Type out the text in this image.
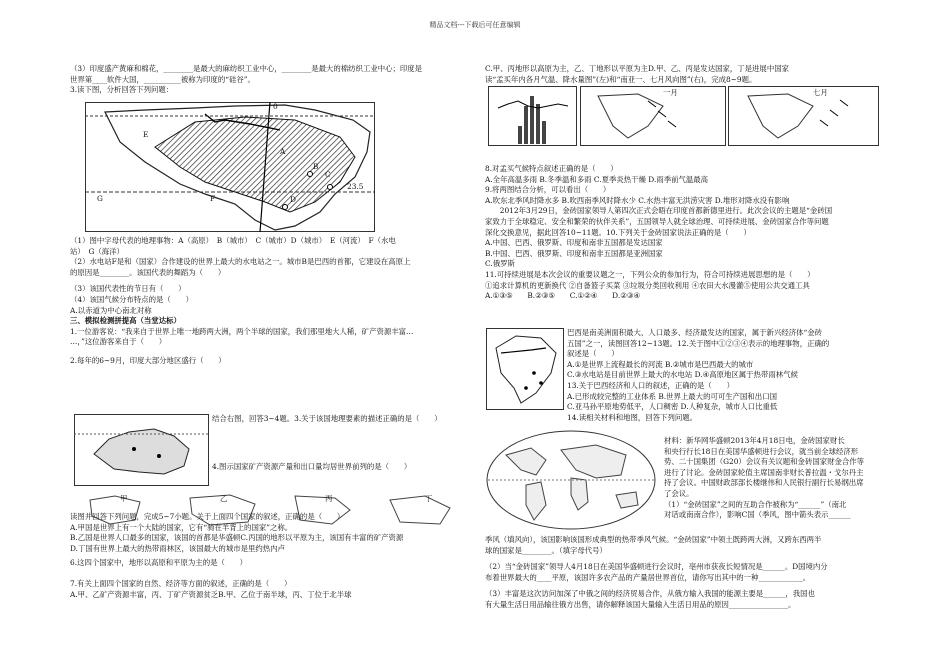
精品文档---下载后可任意编辑

（3）印度盛产黄麻和棉花，________是最大的麻纺织工业中心，________是最大的棉纺织工业中心；印度是

世界第____软件大国，__________被称为印度的“硅谷”。

3.读下图，分析回答下列问题：

E
A
B
C
D
G	F
0
23.5

（1）图中字母代表的地理事物：A（高原）　B（城市）　C（城市）D（城市）　E（河流）　F（水电

站）　G（海洋）

（2）水电站F是和（国家）合作建设的世界上最大的水电站之一。城市B是巴西的首都，它建设在高原上

的原因是________。该国代表的舞蹈为（　　）

（3）该国代表性的节日有（　　）

（4）该国气候分布特点的是（　　）

A.以赤道为中心南北对称

三、模拟检测拼提高（当堂达标）

1.一位游客说：“我来自于世界上唯一地跨两大洲，两个半球的国家，我们那里地大人稀，矿产资源丰富…

…，”这位游客来自于（　　）

2.每年的6~9月，印度大部分地区盛行（　　）

结合右图，回答3~4题。3.关于该国地理要素的描述正确的是（　　）
4.图示国家矿产资源产量和出口量均居世界前列的是（　　）
甲	乙	丙	丁

读图并回答下列问题，完成5~7小题。关于上面四个国家的叙述，正确的是（　　）

A.甲国是世界上有一个大陆的国家，它有“骑在羊背上的国家”之称。

B.乙国是世界人口最多的国家，该国的首都是华盛顿C.丙国的地形以平原为主，该国有丰富的矿产资源

D.丁国有世界上最大的热带雨林区，该国最大的城市是里约热内卢

6.这四个国家中，地形以高原和平原为主的是（　　）

7.有关上面四个国家的自然、经济等方面的叙述，正确的是（　　）

A.甲、乙矿产资源丰富，丙、丁矿产资源贫乏B.甲、乙位于南半球，丙、丁位于北半球

C.甲、丙地形以高原为主，乙、丁地形以平原为主D.甲、乙、丙是发达国家，丁是进展中国家

读“孟买年内各月气温、降水量图”(左)和“南亚一、七月风向图”(右)，完成8~9题。

一月	七月

8.对孟买气候特点叙述正确的是（　　）

A.全年高温多雨 B.冬季温和多雨 C.夏季炎热干燥 D.雨季前气温最高

9.将两图结合分析，可以看出（　　）

A.吹东北季风时降水多 B.吹西南季风时降水少 C.水热丰富无洪涝灾害 D.堆形对降水没有影响

　　2012年3月29日，金砖国家领导人第四次正式会晤在印度首都新德里进行。此次会议的主题是“金砖国

家致力于全球稳定、安全和繁荣的伙伴关系”，五国领导人就全球治理、可持续进展、金砖国家合作等问题

深化交换意见，据此回答10~11题。10.下列关于金砖国家说法正确的是（　　）

A.中国、巴西、俄罗斯、印度和南非五国都是发达国家

B.中国、巴西、俄罗斯、印度和南非五国都是亚洲国家

C.俄罗斯

11.可持续进展是本次会议的重要议题之一，下列公众的参加行为，符合可持续进展思想的是（　　）

①追求计算机的更新换代 ②自备篮子买菜 ③垃圾分类回收利用 ④农田大水漫灌⑤使用公共交通工具

A.①③⑤　　B.②③⑤　　C.①②④　　D.②③④

巴西是南美洲面积最大、人口最多、经济最发达的国家，属于新兴经济体“金砖

五国”之一，读图回答12~13题。12.关于图中①②③④表示的地理事物，正确的

叙述是（　　）

A.①是世界上流程最长的河流 B.②城市是巴西最大的城市

C.③水电站是目前世界上最大的水电站 D.④高原地区属于热带雨林气候

13.关于巴西经济和人口的叙述，正确的是（　　）

A.已形成较完整的工业体系 B.世界上最大的可可生产国和出口国

C.亚马孙平原地势低平，人口稠密 D.人种复杂，城市人口比重低

14.读相关材料和地图，回答下列问题。

材料：新华网华盛顿2013年4月18日电，金砖国家财长

和央行行长18日在美国华盛顿进行会议，就当前全球经济形

势、二十国集团（G20）会议有关议题和金砖国家财金合作等

进行了讨论。金砖国家轮值主席国南非财长普拉温・戈尔丹主

持了会议。中国财政部部长楼继伟和人民银行副行长易纲出席

了会议。

（1）“金砖国家”之间的互助合作被称为“______”（南北

对话或南南合作），影响C国（季风，图中箭头表示______

季风（填风向），该国影响该国形成典型的热带季风气候。“金砖国家”中领土既跨两大洲，又跨东西两半

球的国家是________。（填字母代号）

（2）当“金砖国家”领导人4月18日在美国华盛顿进行会议时，亳州市获夜长短情况是______。D国境内分

布着世界最大的____平原，该国许多农产品的产量居世界首位，请你写出其中的一种____________。

（3）丰富是这次访问加深了中俄之间的经济贸易合作，从俄方输入我国的能源主要是______，我国也

有大量生活日用品输往俄方出售，请你解释该国大量输入生活日用品的原因________________。
